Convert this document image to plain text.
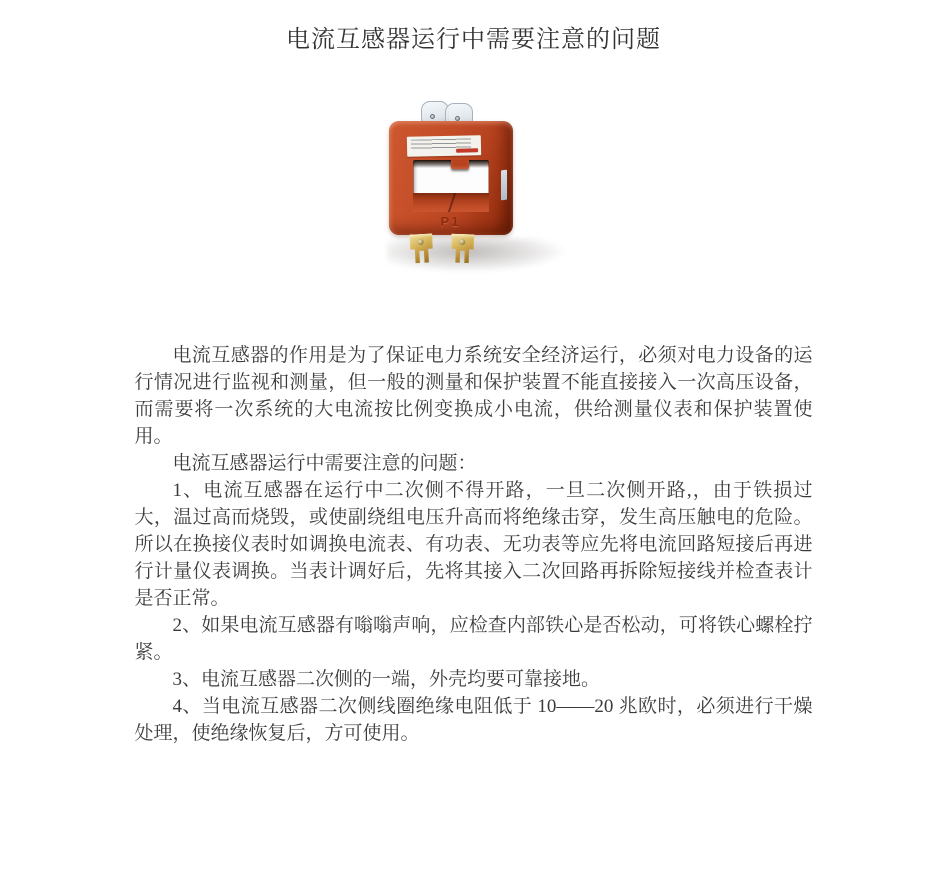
电流互感器运行中需要注意的问题
P1

电流互感器的作用是为了保证电力系统安全经济运行，必须对电力设备的运行情况进行监视和测量，但一般的测量和保护装置不能直接接入一次高压设备，而需要将一次系统的大电流按比例变换成小电流，供给测量仪表和保护装置使用。

电流互感器运行中需要注意的问题：

1、电流互感器在运行中二次侧不得开路，一旦二次侧开路,，由于铁损过大，温过高而烧毁，或使副绕组电压升高而将绝缘击穿，发生高压触电的危险。所以在换接仪表时如调换电流表、有功表、无功表等应先将电流回路短接后再进行计量仪表调换。当表计调好后，先将其接入二次回路再拆除短接线并检查表计是否正常。

2、如果电流互感器有嗡嗡声响，应检查内部铁心是否松动，可将铁心螺栓拧紧。

3、电流互感器二次侧的一端，外壳均要可靠接地。

4、当电流互感器二次侧线圈绝缘电阻低于 10——20 兆欧时，必须进行干燥处理，使绝缘恢复后，方可使用。
